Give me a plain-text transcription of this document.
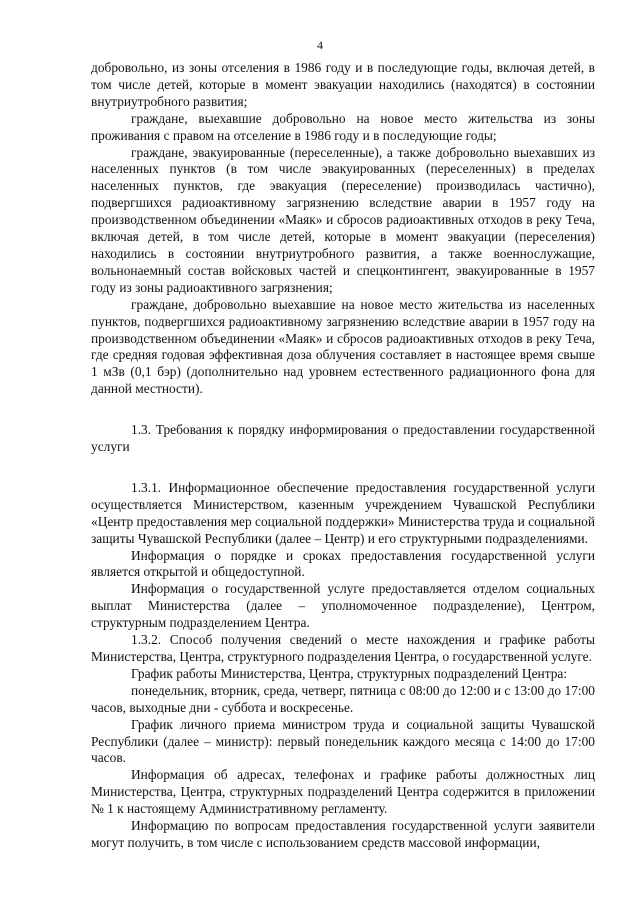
4

добровольно, из зоны отселения в 1986 году и в последующие годы, включая детей, в том числе детей, которые в момент эвакуации находились (находятся) в состоянии внутриутробного развития;

граждане, выехавшие добровольно на новое место жительства из зоны проживания с правом на отселение в 1986 году и в последующие годы;

граждане, эвакуированные (переселенные), а также добровольно выехавших из населенных пунктов (в том числе эвакуированных (переселенных) в пределах населенных пунктов, где эвакуация (переселение) производилась частично), подвергшихся радиоактивному загрязнению вследствие аварии в 1957 году на производственном объединении «Маяк» и сбросов радиоактивных отходов в реку Теча, включая детей, в том числе детей, которые в момент эвакуации (переселения) находились в состоянии внутриутробного развития, а также военнослужащие, вольнонаемный состав войсковых частей и спецконтингент, эвакуированные в 1957 году из зоны радиоактивного загрязнения;

граждане, добровольно выехавшие на новое место жительства из населенных пунктов, подвергшихся радиоактивному загрязнению вследствие аварии в 1957 году на производственном объединении «Маяк» и сбросов радиоактивных отходов в реку Теча, где средняя годовая эффективная доза облучения составляет в настоящее время свыше 1 мЗв (0,1 бэр) (дополнительно над уровнем естественного радиационного фона для данной местности).

1.3. Требования к порядку информирования о предоставлении государственной услуги

1.3.1. Информационное обеспечение предоставления государственной услуги осуществляется Министерством, казенным учреждением Чувашской Республики «Центр предоставления мер социальной поддержки» Министерства труда и социальной защиты Чувашской Республики (далее – Центр) и его структурными подразделениями.

Информация о порядке и сроках предоставления государственной услуги является открытой и общедоступной.

Информация о государственной услуге предоставляется отделом социальных выплат Министерства (далее – уполномоченное подразделение), Центром, структурным подразделением Центра.

1.3.2. Способ получения сведений о месте нахождения и графике работы Министерства, Центра, структурного подразделения Центра, о государственной услуге.

График работы Министерства, Центра, структурных подразделений Центра:

понедельник, вторник, среда, четверг, пятница с 08:00 до 12:00 и с 13:00 до 17:00 часов, выходные дни - суббота и воскресенье.

График личного приема министром труда и социальной защиты Чувашской Республики (далее – министр): первый понедельник каждого месяца с 14:00 до 17:00 часов.

Информация об адресах, телефонах и графике работы должностных лиц Министерства, Центра, структурных подразделений Центра содержится в приложении № 1 к настоящему Административному регламенту.

Информацию по вопросам предоставления государственной услуги заявители могут получить, в том числе с использованием средств массовой информации,
